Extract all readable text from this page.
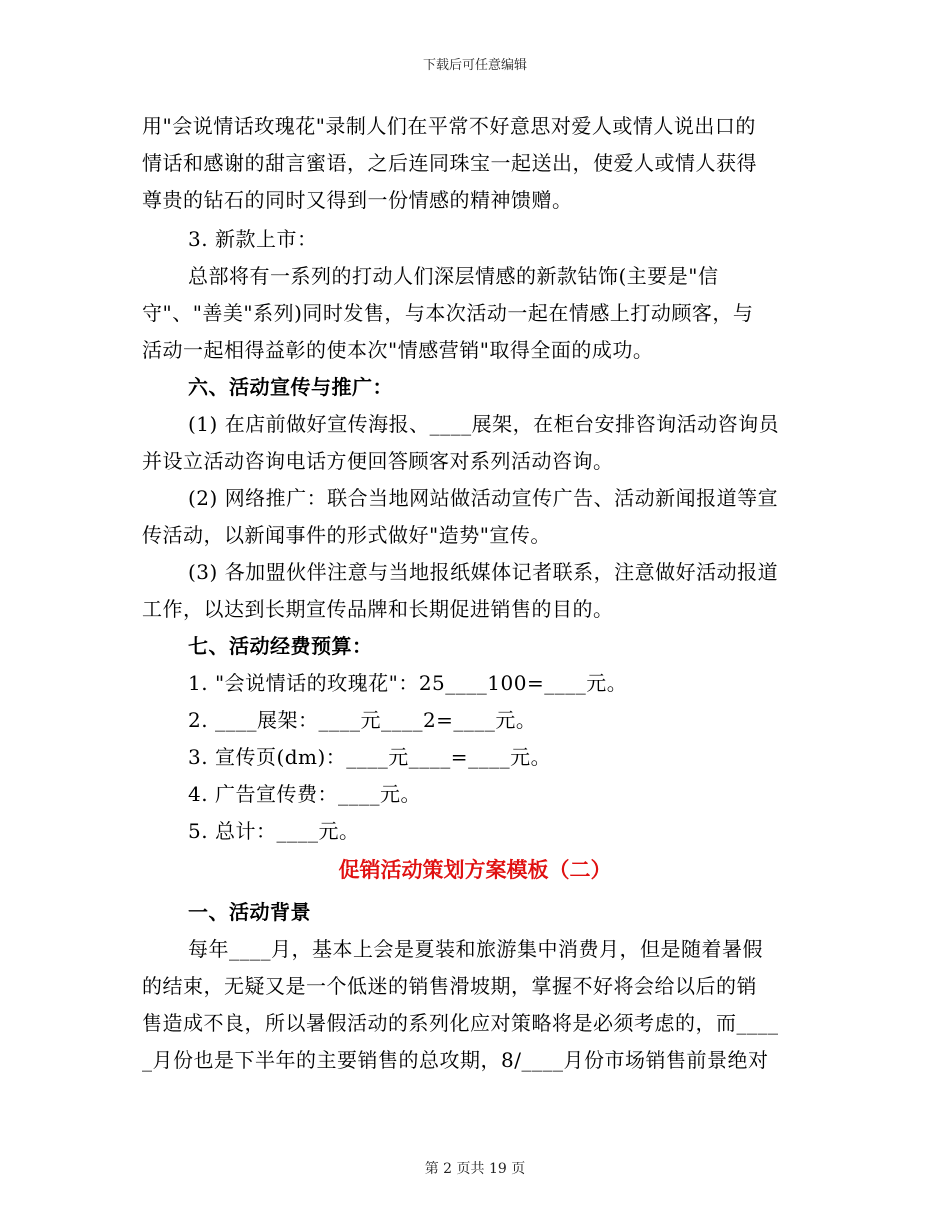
下载后可任意编辑
用"会说情话玫瑰花"录制人们在平常不好意思对爱人或情人说出口的
情话和感谢的甜言蜜语，之后连同珠宝一起送出，使爱人或情人获得
尊贵的钻石的同时又得到一份情感的精神馈赠。
3. 新款上市：
总部将有一系列的打动人们深层情感的新款钻饰(主要是"信
守"、"善美"系列)同时发售，与本次活动一起在情感上打动顾客，与
活动一起相得益彰的使本次"情感营销"取得全面的成功。
六、活动宣传与推广：
(1) 在店前做好宣传海报、____展架，在柜台安排咨询活动咨询员
并设立活动咨询电话方便回答顾客对系列活动咨询。
(2) 网络推广：联合当地网站做活动宣传广告、活动新闻报道等宣
传活动，以新闻事件的形式做好"造势"宣传。
(3) 各加盟伙伴注意与当地报纸媒体记者联系，注意做好活动报道
工作，以达到长期宣传品牌和长期促进销售的目的。
七、活动经费预算：
1. "会说情话的玫瑰花"：25____100=____元。
2. ____展架：____元____2=____元。
3. 宣传页(dm)：____元____=____元。
4. 广告宣传费：____元。
5. 总计：____元。
促销活动策划方案模板（二）
一、活动背景
每年____月，基本上会是夏装和旅游集中消费月，但是随着暑假
的结束，无疑又是一个低迷的销售滑坡期，掌握不好将会给以后的销
售造成不良，所以暑假活动的系列化应对策略将是必须考虑的，而____
_月份也是下半年的主要销售的总攻期，8/____月份市场销售前景绝对
第 2 页共 19 页
